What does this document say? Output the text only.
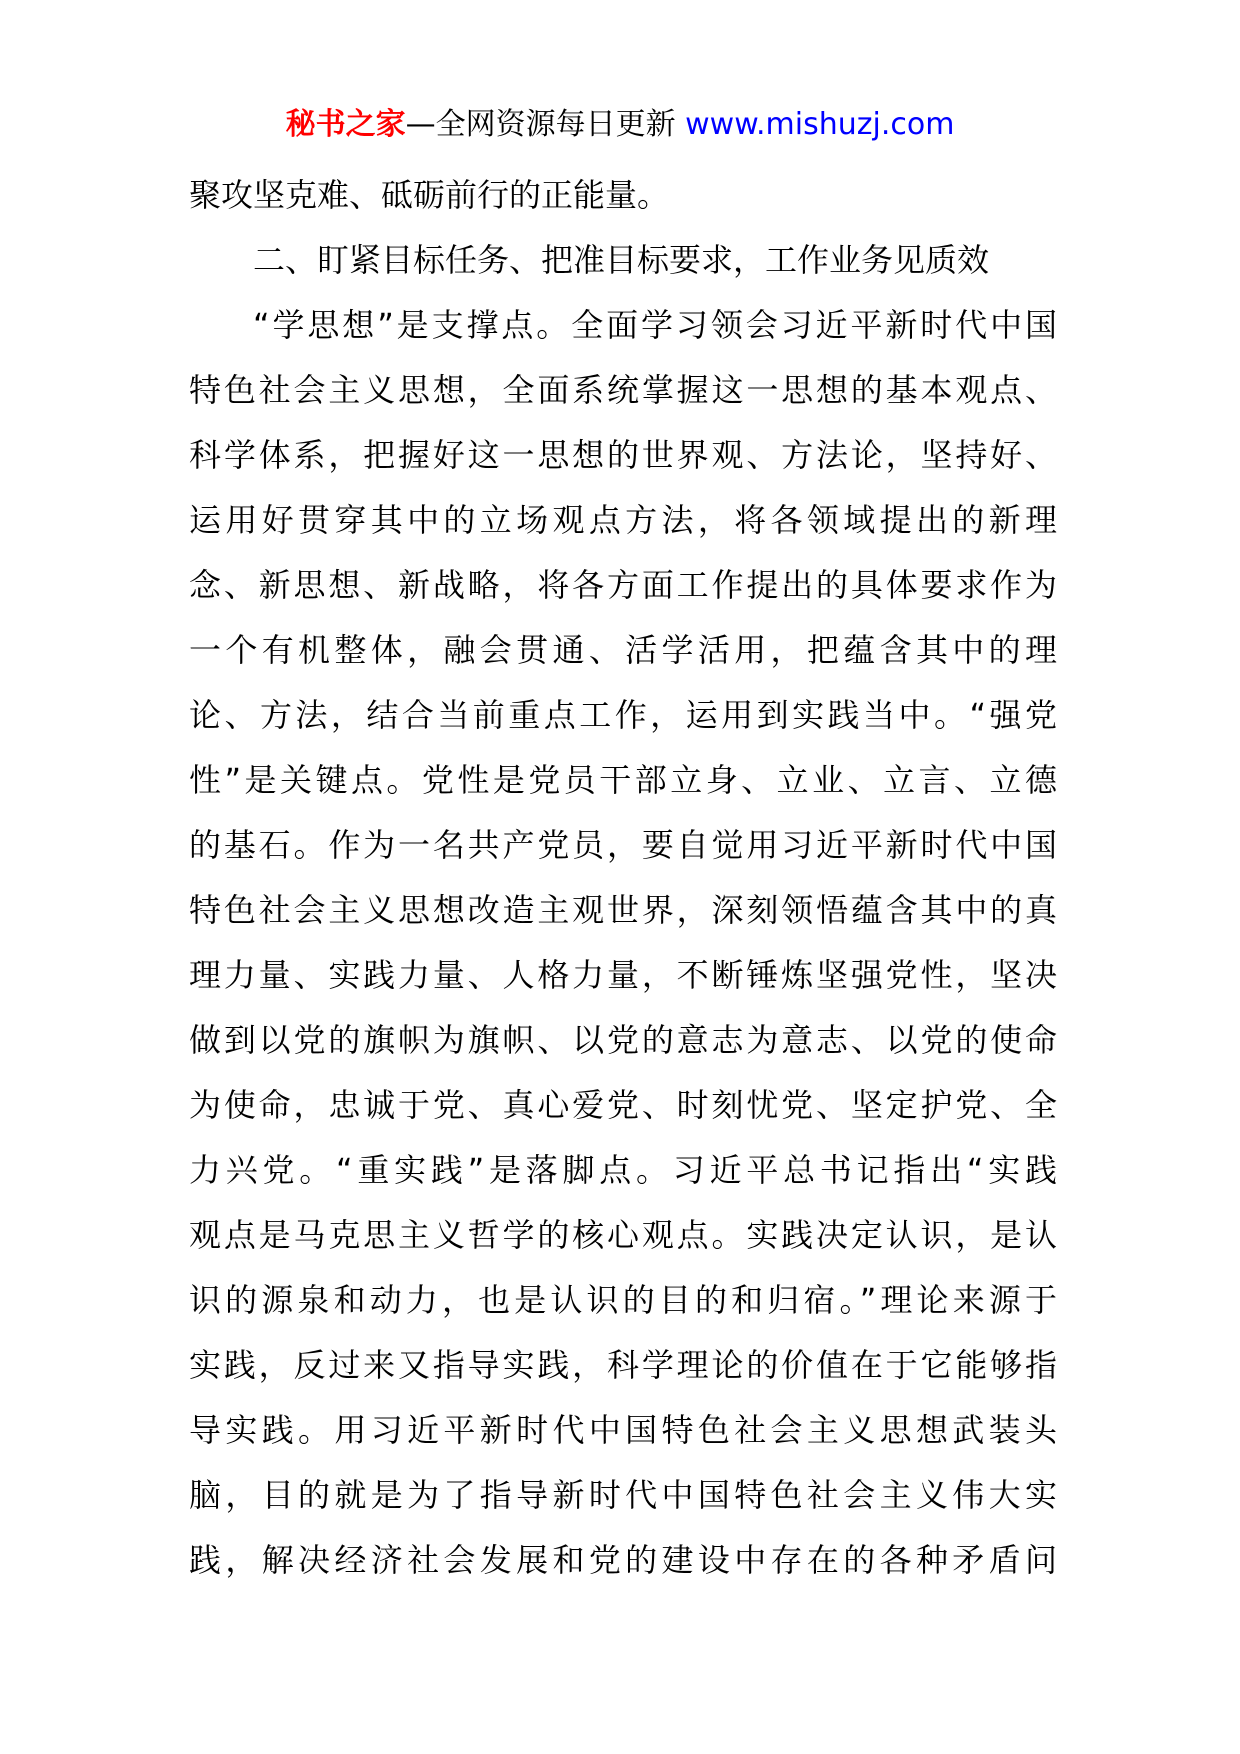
秘书之家—全网资源每日更新 www.mishuzj.com
聚攻坚克难、砥砺前行的正能量。
二、盯紧目标任务、把准目标要求，工作业务见质效
“学思想”是支撑点。全面学习领会习近平新时代中国
特色社会主义思想，全面系统掌握这一思想的基本观点、
科学体系，把握好这一思想的世界观、方法论，坚持好、
运用好贯穿其中的立场观点方法，将各领域提出的新理
念、新思想、新战略，将各方面工作提出的具体要求作为
一个有机整体，融会贯通、活学活用，把蕴含其中的理
论、方法，结合当前重点工作，运用到实践当中。“强党
性”是关键点。党性是党员干部立身、立业、立言、立德
的基石。作为一名共产党员，要自觉用习近平新时代中国
特色社会主义思想改造主观世界，深刻领悟蕴含其中的真
理力量、实践力量、人格力量，不断锤炼坚强党性，坚决
做到以党的旗帜为旗帜、以党的意志为意志、以党的使命
为使命，忠诚于党、真心爱党、时刻忧党、坚定护党、全
力兴党。“重实践”是落脚点。习近平总书记指出“实践
观点是马克思主义哲学的核心观点。实践决定认识，是认
识的源泉和动力，也是认识的目的和归宿。”理论来源于
实践，反过来又指导实践，科学理论的价值在于它能够指
导实践。用习近平新时代中国特色社会主义思想武装头
脑，目的就是为了指导新时代中国特色社会主义伟大实
践，解决经济社会发展和党的建设中存在的各种矛盾问
